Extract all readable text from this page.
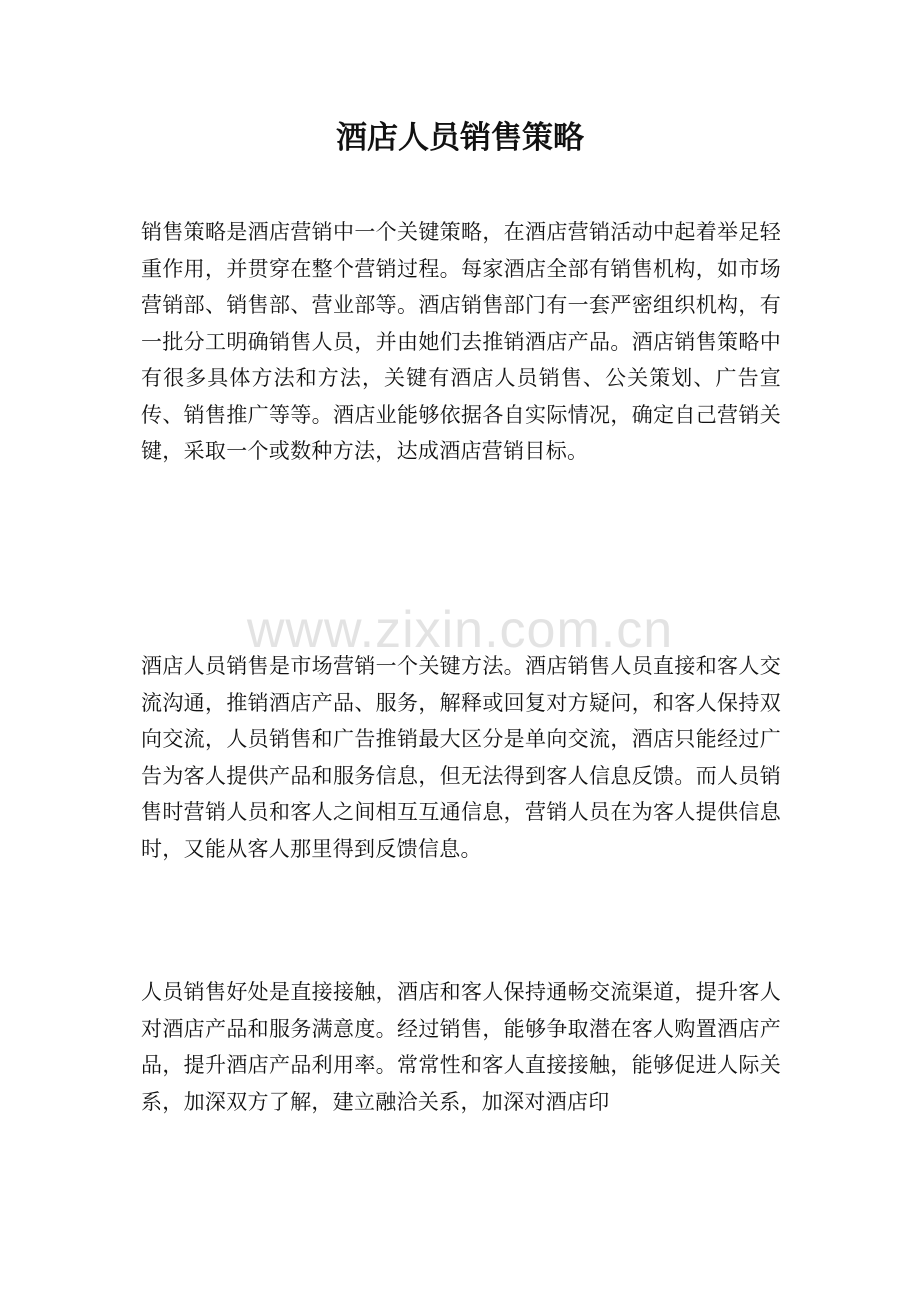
酒店人员销售策略

销售策略是酒店营销中一个关键策略，在酒店营销活动中起着举足轻重作用，并贯穿在整个营销过程。每家酒店全部有销售机构，如市场营销部、销售部、营业部等。酒店销售部门有一套严密组织机构，有一批分工明确销售人员，并由她们去推销酒店产品。酒店销售策略中有很多具体方法和方法，关键有酒店人员销售、公关策划、广告宣传、销售推广等等。酒店业能够依据各自实际情况，确定自己营销关键，采取一个或数种方法，达成酒店营销目标。

www.zixin.com.cn

酒店人员销售是市场营销一个关键方法。酒店销售人员直接和客人交流沟通，推销酒店产品、服务，解释或回复对方疑问，和客人保持双向交流，人员销售和广告推销最大区分是单向交流，酒店只能经过广告为客人提供产品和服务信息，但无法得到客人信息反馈。而人员销售时营销人员和客人之间相互互通信息，营销人员在为客人提供信息时，又能从客人那里得到反馈信息。

人员销售好处是直接接触，酒店和客人保持通畅交流渠道，提升客人对酒店产品和服务满意度。经过销售，能够争取潜在客人购置酒店产品，提升酒店产品利用率。常常性和客人直接接触，能够促进人际关系，加深双方了解，建立融洽关系，加深对酒店印
